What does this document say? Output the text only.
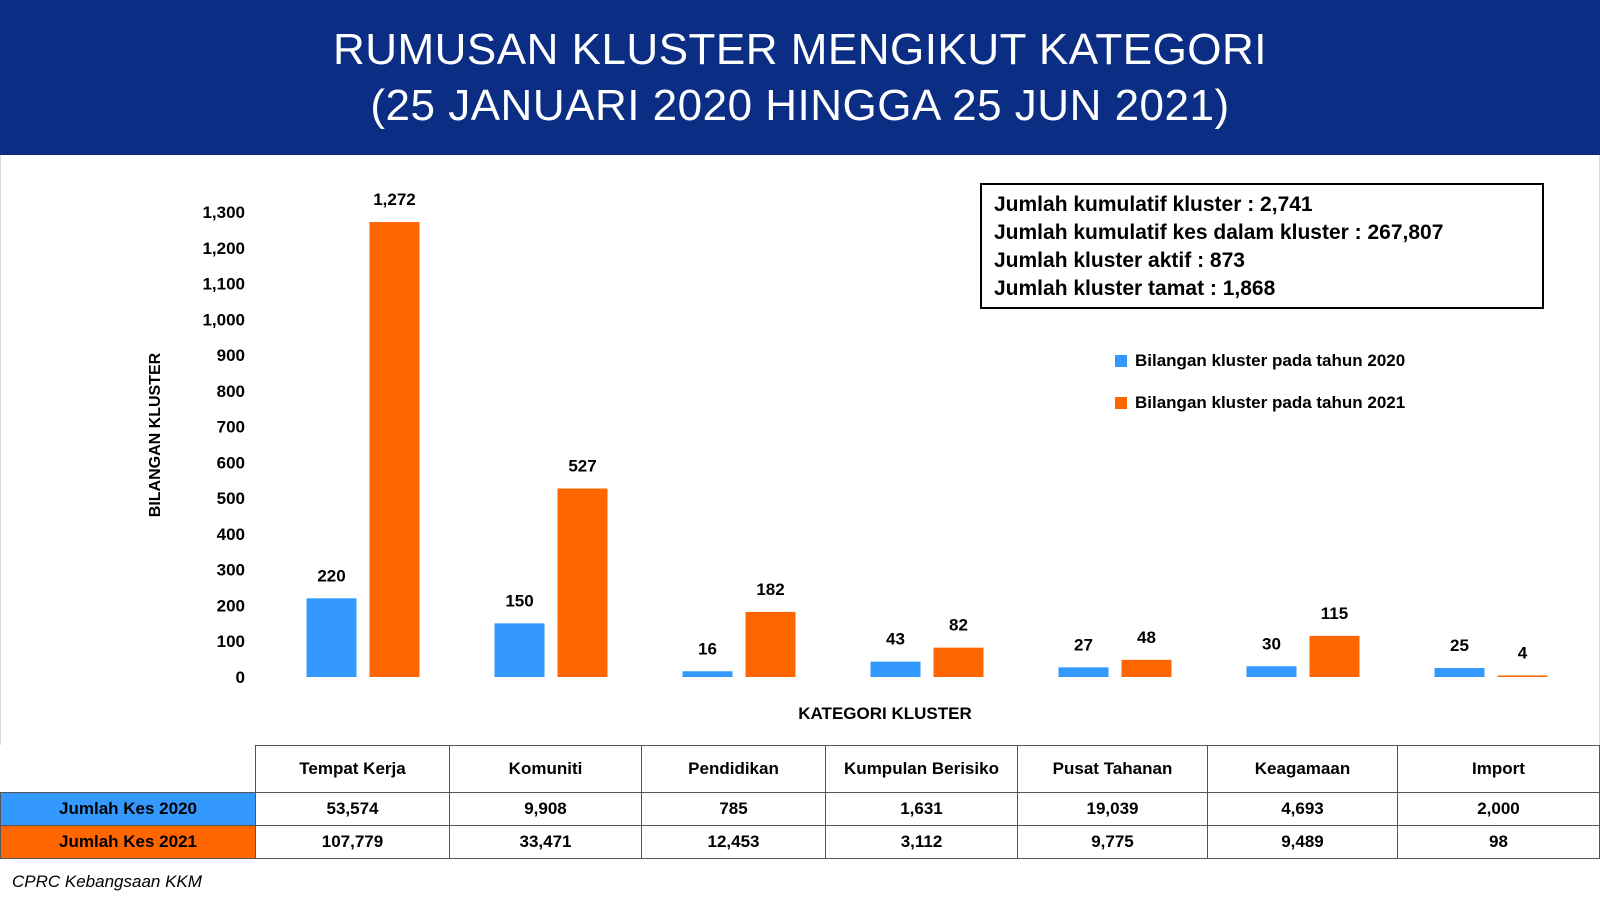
RUMUSAN KLUSTER MENGIKUT KATEGORI
(25 JANUARI 2020 HINGGA 25 JUN 2021)
0
100
200
300
400
500
600
700
800
900
1,000
1,100
1,200
1,300
BILANGAN KLUSTER
KATEGORI KLUSTER
220
1,272
150
527
16
182
43
82
27	48	30
115
25	4
Jumlah kumulatif kluster : 2,741
Jumlah kumulatif kes dalam kluster : 267,807
Jumlah kluster aktif : 873
Jumlah kluster tamat : 1,868
Bilangan kluster pada tahun 2020
Bilangan kluster pada tahun 2021
	Tempat Kerja	Komuniti	Pendidikan	Kumpulan Berisiko	Pusat Tahanan	Keagamaan	Import
Jumlah Kes 2020	53,574	9,908	785	1,631	19,039	4,693	2,000
Jumlah Kes 2021	107,779	33,471	12,453	3,112	9,775	9,489	98
CPRC Kebangsaan KKM
